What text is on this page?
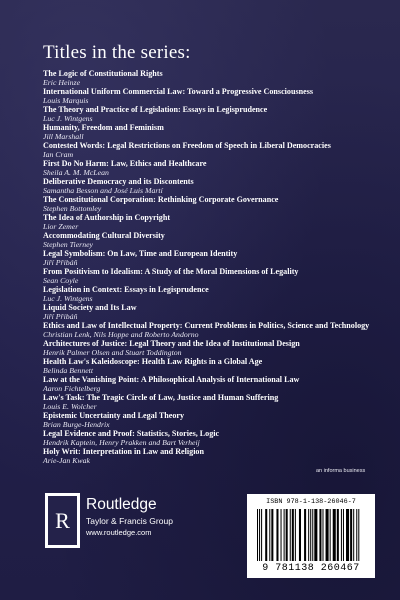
Titles in the series:
The Logic of Constitutional Rights
Eric Heinze
International Uniform Commercial Law: Toward a Progressive Consciousness
Louis Marquis
The Theory and Practice of Legislation: Essays in Legisprudence
Luc J. Wintgens
Humanity, Freedom and Feminism
Jill Marshall
Contested Words: Legal Restrictions on Freedom of Speech in Liberal Democracies
Ian Cram
First Do No Harm: Law, Ethics and Healthcare
Sheila A. M. McLean
Deliberative Democracy and its Discontents
Samantha Besson and José Luis Martí
The Constitutional Corporation: Rethinking Corporate Governance
Stephen Bottomley
The Idea of Authorship in Copyright
Lior Zemer
Accommodating Cultural Diversity
Stephen Tierney
Legal Symbolism: On Law, Time and European Identity
Jiří Přibáň
From Positivism to Idealism: A Study of the Moral Dimensions of Legality
Sean Coyle
Legislation in Context: Essays in Legisprudence
Luc J. Wintgens
Liquid Society and Its Law
Jiří Přibáň
Ethics and Law of Intellectual Property: Current Problems in Politics, Science and Technology
Christian Lenk, Nils Hoppe and Roberto Andorno
Architectures of Justice: Legal Theory and the Idea of Institutional Design
Henrik Palmer Olsen and Stuart Toddington
Health Law's Kaleidoscope: Health Law Rights in a Global Age
Belinda Bennett
Law at the Vanishing Point: A Philosophical Analysis of International Law
Aaron Fichtelberg
Law's Task: The Tragic Circle of Law, Justice and Human Suffering
Louis E. Wolcher
Epistemic Uncertainty and Legal Theory
Brian Burge-Hendrix
Legal Evidence and Proof: Statistics, Stories, Logic
Hendrik Kaptein, Henry Prakken and Bart Verheij
Holy Writ: Interpretation in Law and Religion
Arie-Jan Kwak
an informa business
R
Routledge
Taylor & Francis Group
www.routledge.com
ISBN 978-1-138-26046-7
9 781138 260467
